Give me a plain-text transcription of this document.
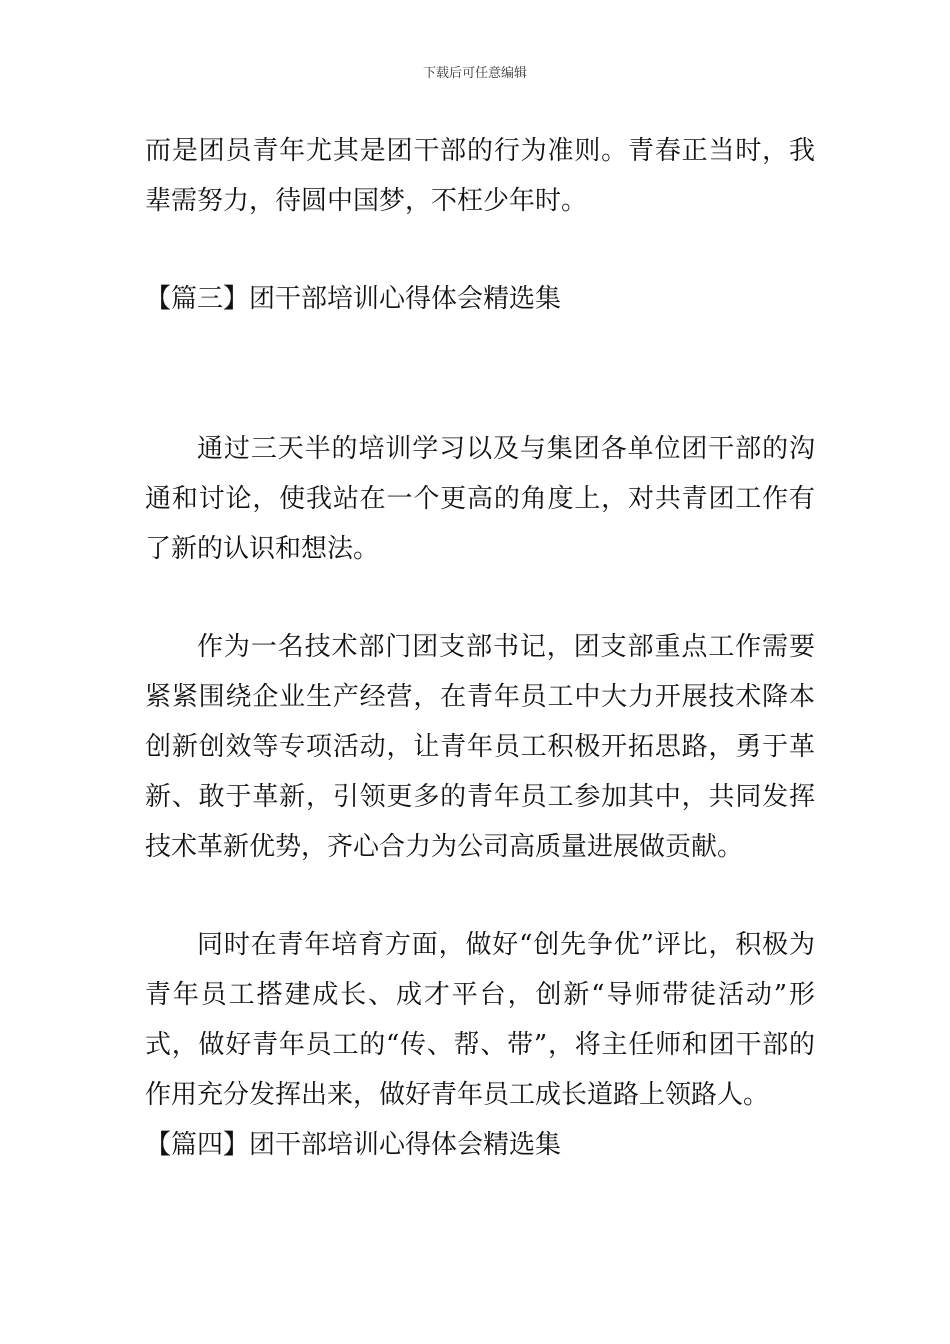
下载后可任意编辑

而是团员青年尤其是团干部的行为准则。青春正当时，我辈需努力，待圆中国梦，不枉少年时。

【篇三】团干部培训心得体会精选集

通过三天半的培训学习以及与集团各单位团干部的沟通和讨论，使我站在一个更高的角度上，对共青团工作有了新的认识和想法。

作为一名技术部门团支部书记，团支部重点工作需要紧紧围绕企业生产经营，在青年员工中大力开展技术降本创新创效等专项活动，让青年员工积极开拓思路，勇于革新、敢于革新，引领更多的青年员工参加其中，共同发挥技术革新优势，齐心合力为公司高质量进展做贡献。

同时在青年培育方面，做好“创先争优”评比，积极为青年员工搭建成长、成才平台，创新“导师带徒活动”形式，做好青年员工的“传、帮、带”，将主任师和团干部的作用充分发挥出来，做好青年员工成长道路上领路人。

【篇四】团干部培训心得体会精选集
